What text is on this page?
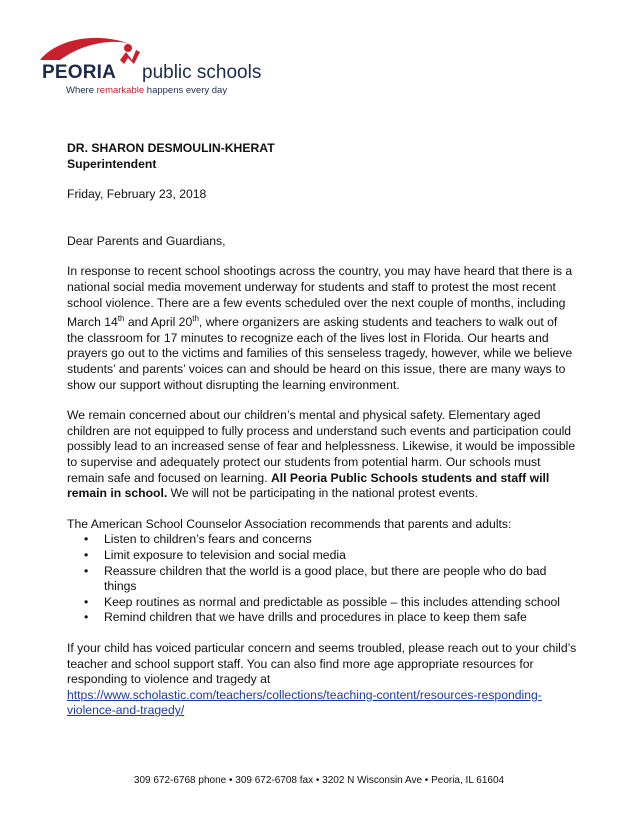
PEORIA public schools
Where remarkable happens every day

DR. SHARON DESMOULIN-KHERAT

Superintendent

Friday, February 23, 2018

Dear Parents and Guardians,

In response to recent school shootings across the country, you may have heard that there is a national social media movement underway for students and staff to protest the most recent school violence. There are a few events scheduled over the next couple of months, including March 14th and April 20th, where organizers are asking students and teachers to walk out of the classroom for 17 minutes to recognize each of the lives lost in Florida. Our hearts and prayers go out to the victims and families of this senseless tragedy, however, while we believe students’ and parents’ voices can and should be heard on this issue, there are many ways to show our support without disrupting the learning environment.

We remain concerned about our children’s mental and physical safety. Elementary aged children are not equipped to fully process and understand such events and participation could possibly lead to an increased sense of fear and helplessness. Likewise, it would be impossible to supervise and adequately protect our students from potential harm. Our schools must remain safe and focused on learning. All Peoria Public Schools students and staff will remain in school. We will not be participating in the national protest events.

The American School Counselor Association recommends that parents and adults:

• Listen to children’s fears and concerns
• Limit exposure to television and social media
• Reassure children that the world is a good place, but there are people who do bad things
• Keep routines as normal and predictable as possible – this includes attending school
• Remind children that we have drills and procedures in place to keep them safe

If your child has voiced particular concern and seems troubled, please reach out to your child’s teacher and school support staff. You can also find more age appropriate resources for responding to violence and tragedy at
https://www.scholastic.com/teachers/collections/teaching-content/resources-responding-violence-and-tragedy/

309 672-6768 phone • 309 672-6708 fax • 3202 N Wisconsin Ave • Peoria, IL 61604
